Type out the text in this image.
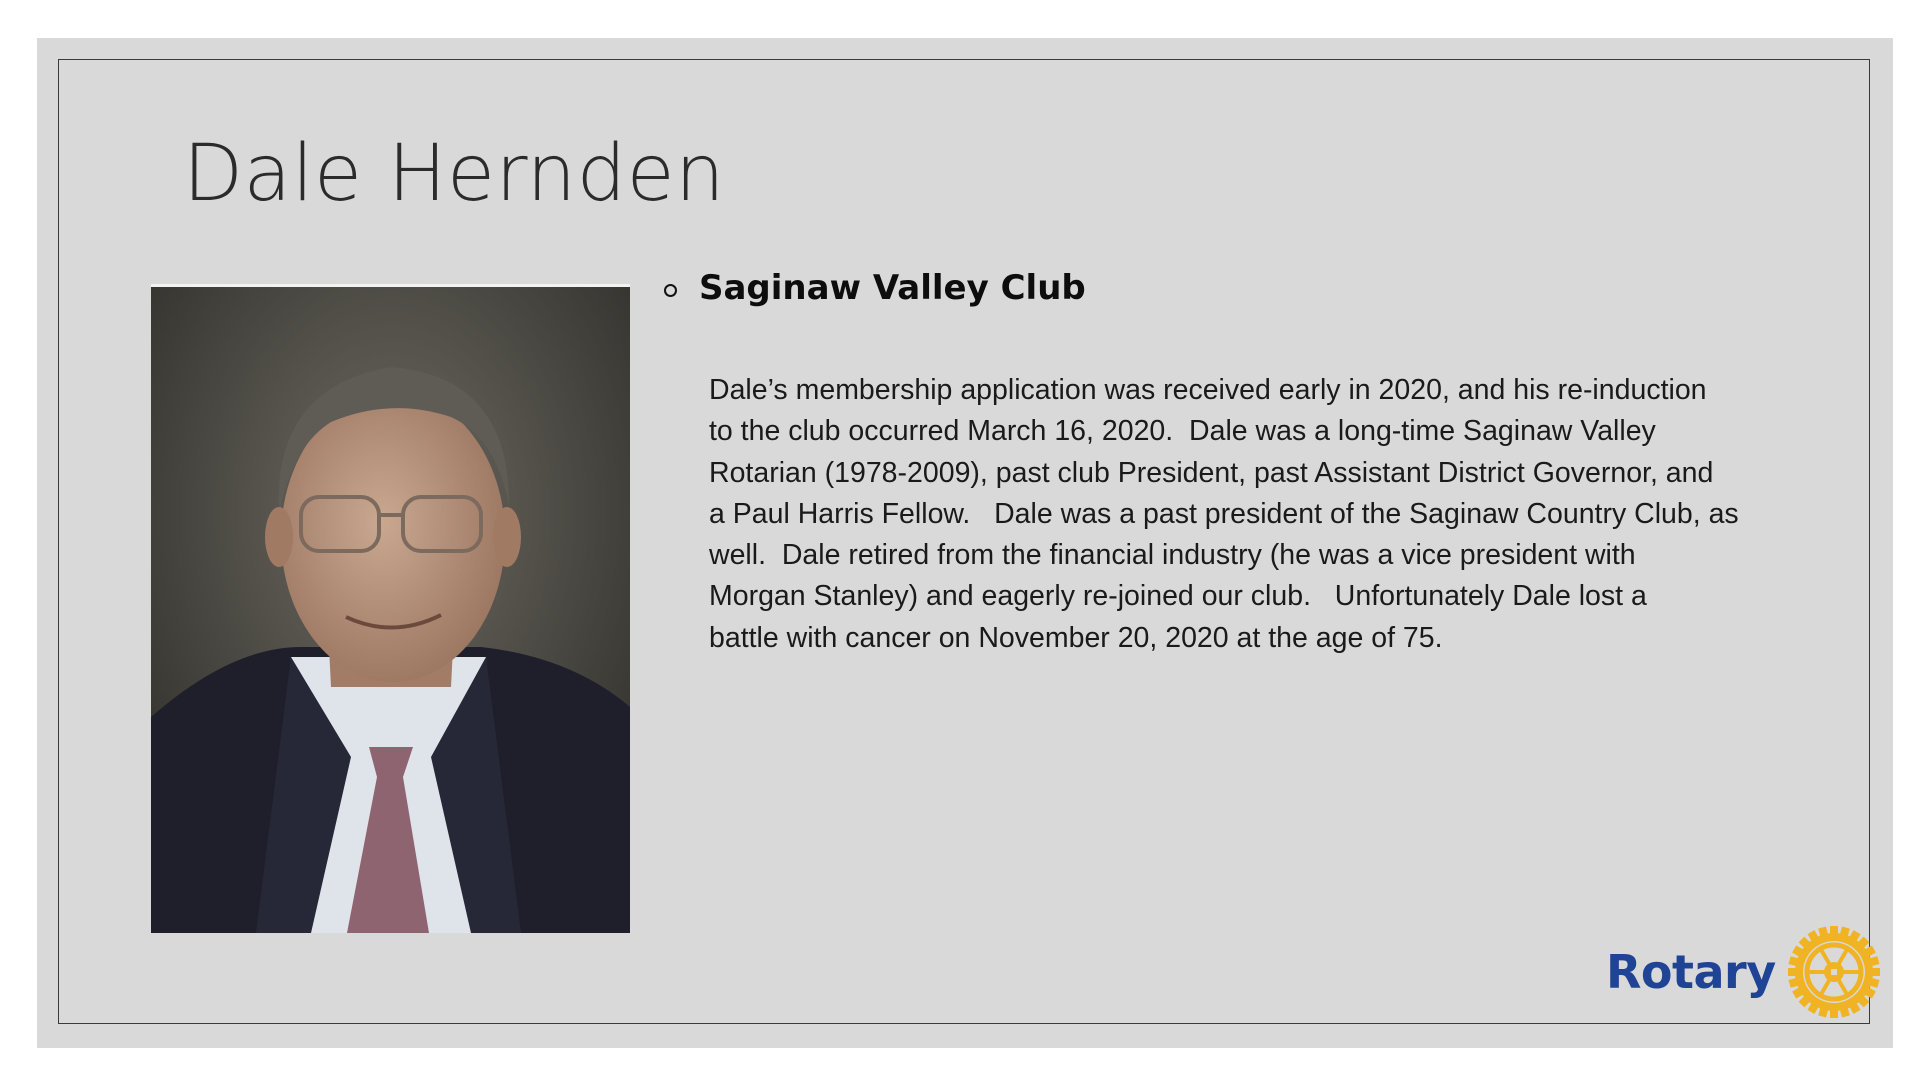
Dale Hernden
Saginaw Valley Club
Dale’s membership application was received early in 2020, and his re-induction
to the club occurred March 16, 2020.  Dale was a long-time Saginaw Valley
Rotarian (1978-2009), past club President, past Assistant District Governor, and
a Paul Harris Fellow.   Dale was a past president of the Saginaw Country Club, as
well.  Dale retired from the financial industry (he was a vice president with
Morgan Stanley) and eagerly re-joined our club.   Unfortunately Dale lost a
battle with cancer on November 20, 2020 at the age of 75.
Rotary
